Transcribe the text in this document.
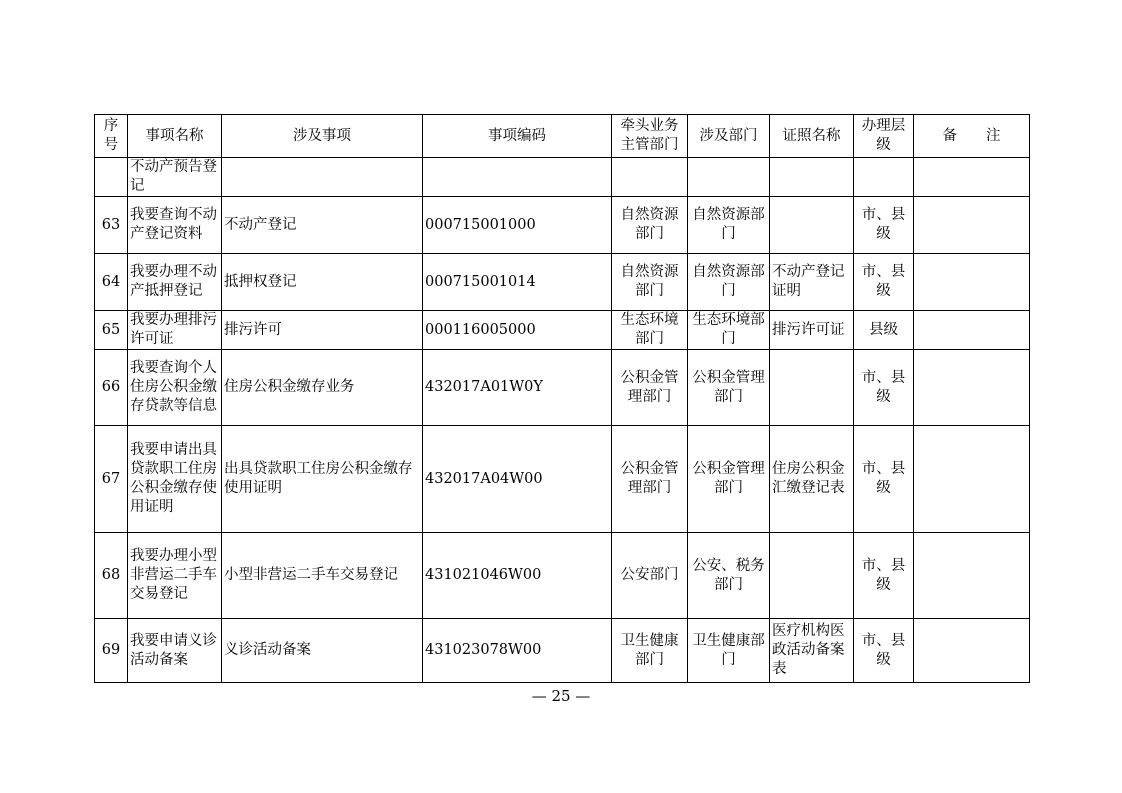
序号	事项名称	涉及事项	事项编码	牵头业务主管部门	涉及部门	证照名称	办理层级	备　　注
	不动产预告登记							
63	我要查询不动产登记资料	不动产登记	000715001000	自然资源部门	自然资源部门		市、县级	
64	我要办理不动产抵押登记	抵押权登记	000715001014	自然资源部门	自然资源部门	不动产登记证明	市、县级	
65	我要办理排污许可证	排污许可	000116005000	生态环境部门	生态环境部门	排污许可证	县级	
66	我要查询个人住房公积金缴存贷款等信息	住房公积金缴存业务	432017A01W0Y	公积金管理部门	公积金管理部门		市、县级	
67	我要申请出具贷款职工住房公积金缴存使用证明	出具贷款职工住房公积金缴存使用证明	432017A04W00	公积金管理部门	公积金管理部门	住房公积金汇缴登记表	市、县级	
68	我要办理小型非营运二手车交易登记	小型非营运二手车交易登记	431021046W00	公安部门	公安、税务部门		市、县级	
69	我要申请义诊活动备案	义诊活动备案	431023078W00	卫生健康部门	卫生健康部门	医疗机构医政活动备案表	市、县级	
— 25 —
